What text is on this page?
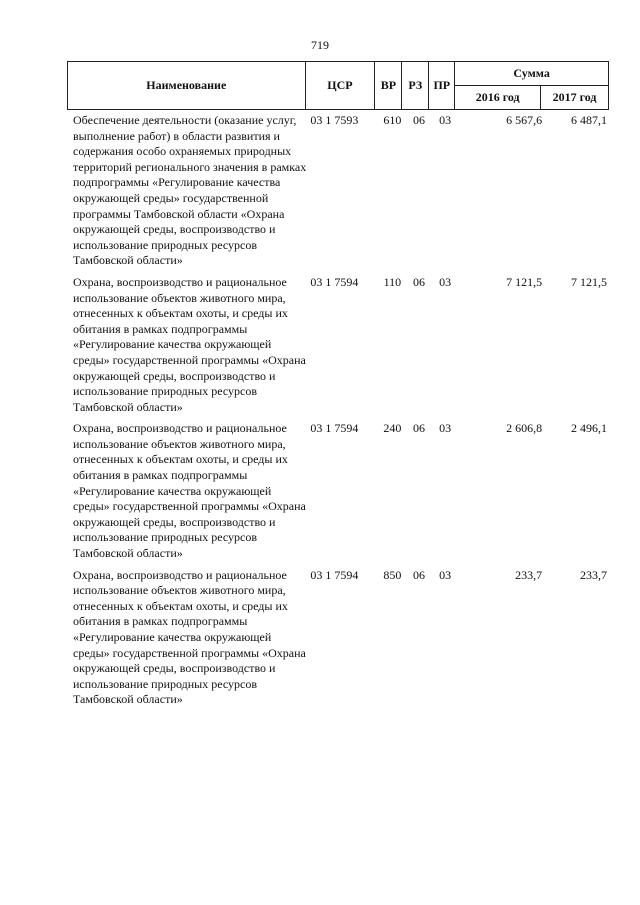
719
Наименование	ЦСР	ВР	РЗ	ПР	Сумма	
					2016 год	2017 год
Обеспечение деятельности (оказание услуг, выполнение работ) в области развития и содержания особо охраняемых природных территорий регионального значения в рамках подпрограммы «Регулирование качества окружающей среды» государственной программы Тамбовской области «Охрана окружающей среды, воспроизводство и использование природных ресурсов Тамбовской области»	03 1 7593	610	06	03	6 567,6	6 487,1

Охрана, воспроизводство и рациональное использование объектов животного мира, отнесенных к объектам охоты, и среды их обитания в рамках подпрограммы «Регулирование качества окружающей среды» государственной программы «Охрана окружающей среды, воспроизводство и использование природных ресурсов Тамбовской области»	03 1 7594	110	06	03	7 121,5	7 121,5

Охрана, воспроизводство и рациональное использование объектов животного мира, отнесенных к объектам охоты, и среды их обитания в рамках подпрограммы «Регулирование качества окружающей среды» государственной программы «Охрана окружающей среды, воспроизводство и использование природных ресурсов Тамбовской области»	03 1 7594	240	06	03	2 606,8	2 496,1

Охрана, воспроизводство и рациональное использование объектов животного мира, отнесенных к объектам охоты, и среды их обитания в рамках подпрограммы «Регулирование качества окружающей среды» государственной программы «Охрана окружающей среды, воспроизводство и использование природных ресурсов Тамбовской области»	03 1 7594	850	06	03	233,7	233,7
